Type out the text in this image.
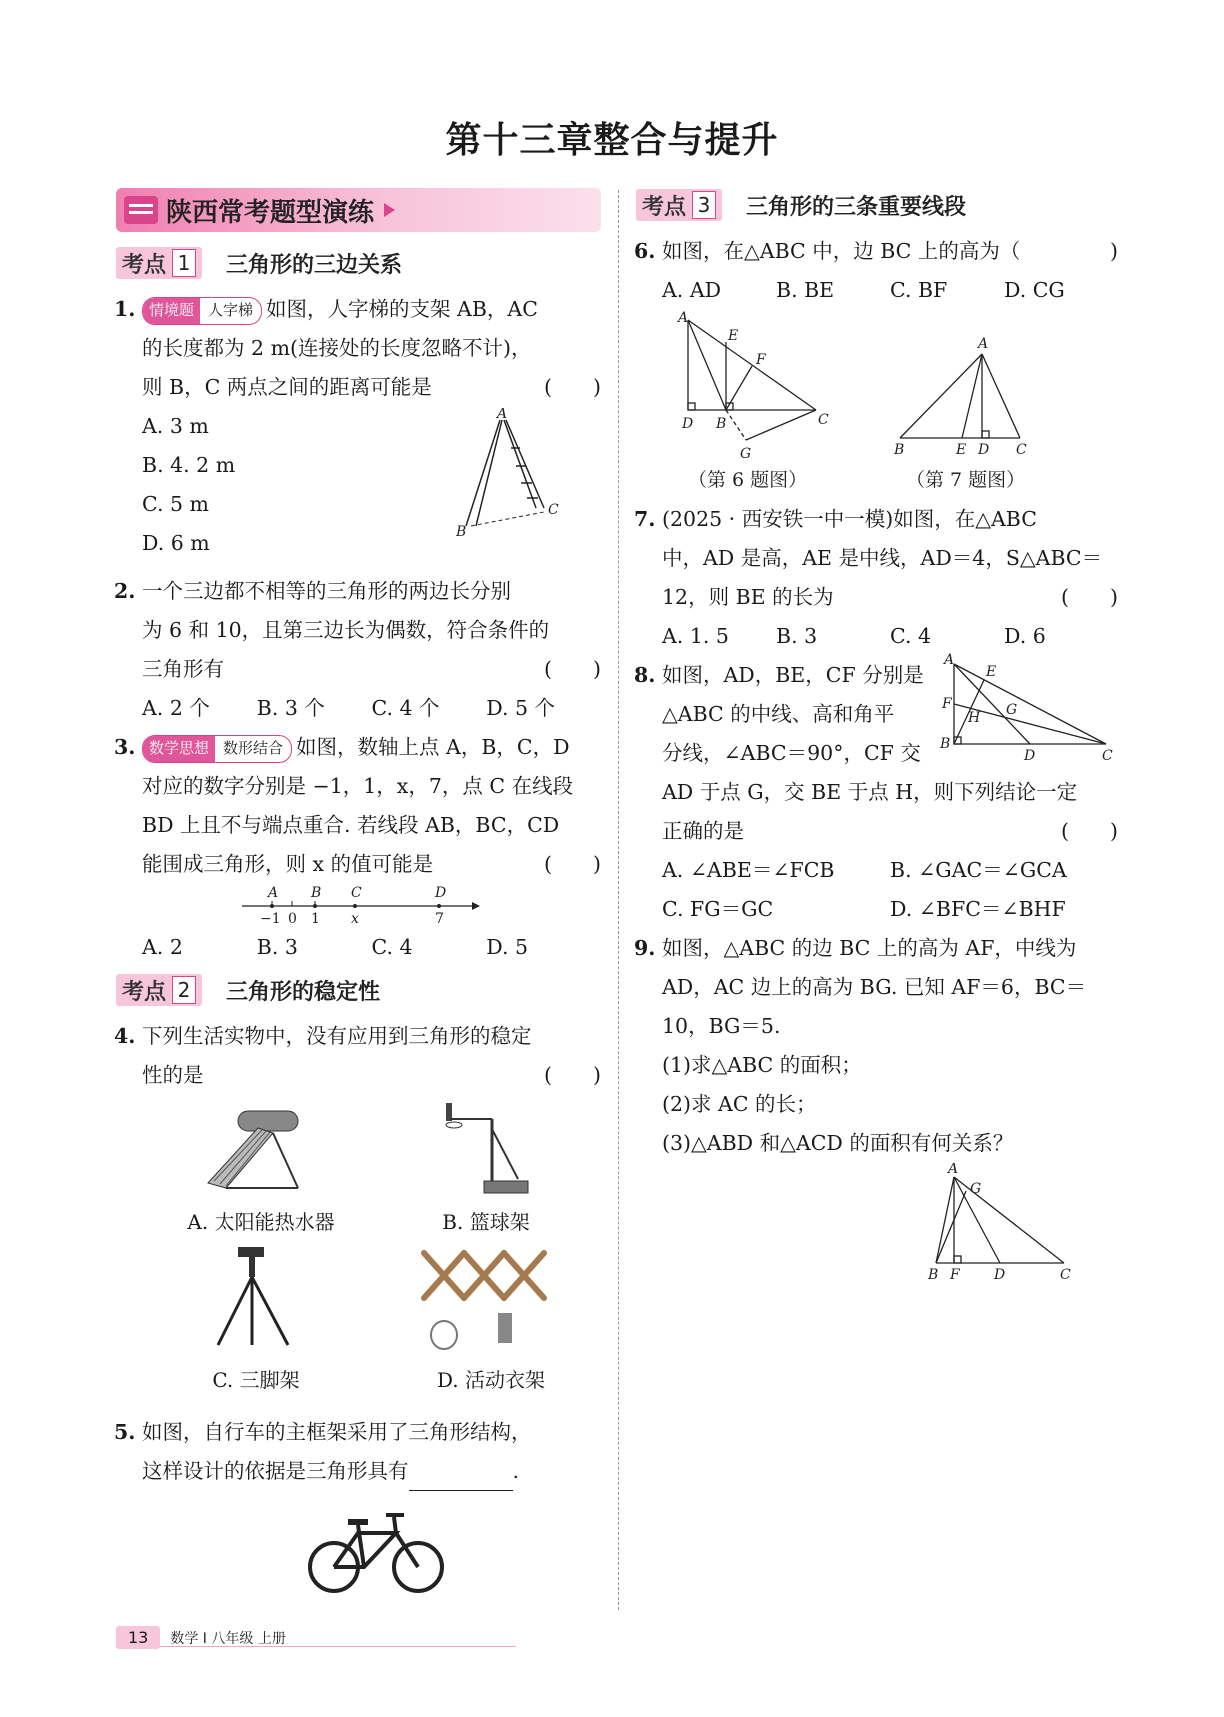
第十三章整合与提升
陕西常考题型演练
考点 1 三角形的三边关系
1. 情境题 人字梯 如图，人字梯的支架 AB，AC
的长度都为 2 m(连接处的长度忽略不计)，
则 B，C 两点之间的距离可能是	(　　)
A. 3 m
B. 4. 2 m
C. 5 m
D. 6 m
A
B
C
2. 一个三边都不相等的三角形的两边长分别
为 6 和 10，且第三边长为偶数，符合条件的
三角形有	(　　)
A. 2 个	B. 3 个	C. 4 个	D. 5 个
3. 数学思想 数形结合 如图，数轴上点 A，B，C，D
对应的数字分别是 −1，1，x，7，点 C 在线段
BD 上且不与端点重合. 若线段 AB，BC，CD
能围成三角形，则 x 的值可能是	(　　)
A B C	D
−1 0 1 x	7
A. 2	B. 3	C. 4	D. 5
考点 2 三角形的稳定性
4. 下列生活实物中，没有应用到三角形的稳定
性的是	(　　)
A. 太阳能热水器	B. 篮球架
C. 三脚架	D. 活动衣架
5. 如图，自行车的主框架采用了三角形结构，
这样设计的依据是三角形具有	.
考点 3 三角形的三条重要线段
6. 如图，在△ABC 中，边 BC 上的高为（	)
A. AD	B. BE	C. BF	D. CG
A
E
F
D B	C
G
A
B	E D C
（第 6 题图）	（第 7 题图）
7. (2025 · 西安铁一中一模)如图，在△ABC
中，AD 是高，AE 是中线，AD＝4，S△ABC＝
12，则 BE 的长为	(　　)
A. 1. 5	B. 3	C. 4	D. 6
8. 如图，AD，BE，CF 分别是
△ABC 的中线、高和角平
分线，∠ABC＝90°，CF 交
AD 于点 G，交 BE 于点 H，则下列结论一定
正确的是	(　　)
A. ∠ABE＝∠FCB	B. ∠GAC＝∠GCA
C. FG＝GC	D. ∠BFC＝∠BHF
A
E
F
H G
B
D	C
9. 如图，△ABC 的边 BC 上的高为 AF，中线为
AD，AC 边上的高为 BG. 已知 AF＝6，BC＝
10，BG＝5.
(1)求△ABC 的面积；
(2)求 AC 的长；
(3)△ABD 和△ACD 的面积有何关系？
A
G
B F D	C
13	数学 I 八年级 上册
